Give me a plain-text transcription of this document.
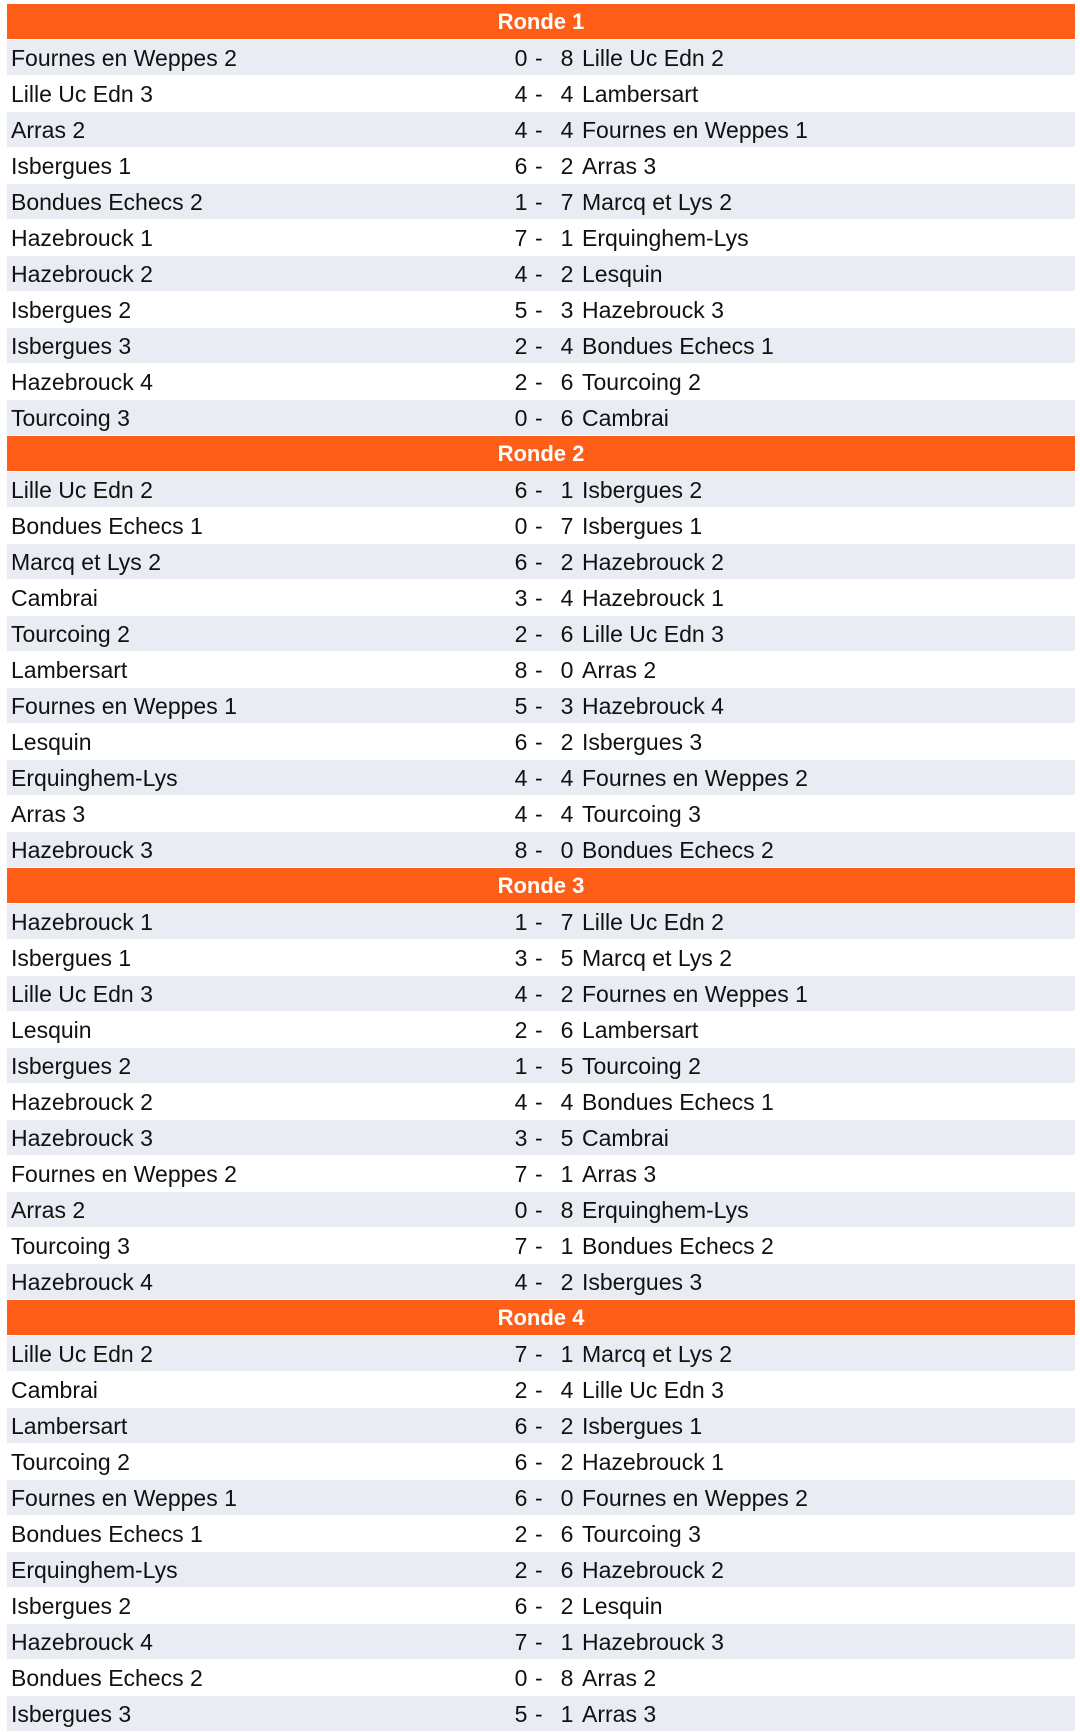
Ronde 1
Fournes en Weppes 2	0 - 8 Lille Uc Edn 2
Lille Uc Edn 3	4 - 4 Lambersart
Arras 2	4 - 4 Fournes en Weppes 1
Isbergues 1	6 - 2 Arras 3
Bondues Echecs 2	1 - 7 Marcq et Lys 2
Hazebrouck 1	7 - 1 Erquinghem-Lys
Hazebrouck 2	4 - 2 Lesquin
Isbergues 2	5 - 3 Hazebrouck 3
Isbergues 3	2 - 4 Bondues Echecs 1
Hazebrouck 4	2 - 6 Tourcoing 2
Tourcoing 3	0 - 6 Cambrai
Ronde 2
Lille Uc Edn 2	6 - 1 Isbergues 2
Bondues Echecs 1	0 - 7 Isbergues 1
Marcq et Lys 2	6 - 2 Hazebrouck 2
Cambrai	3 - 4 Hazebrouck 1
Tourcoing 2	2 - 6 Lille Uc Edn 3
Lambersart	8 - 0 Arras 2
Fournes en Weppes 1	5 - 3 Hazebrouck 4
Lesquin	6 - 2 Isbergues 3
Erquinghem-Lys	4 - 4 Fournes en Weppes 2
Arras 3	4 - 4 Tourcoing 3
Hazebrouck 3	8 - 0 Bondues Echecs 2
Ronde 3
Hazebrouck 1	1 - 7 Lille Uc Edn 2
Isbergues 1	3 - 5 Marcq et Lys 2
Lille Uc Edn 3	4 - 2 Fournes en Weppes 1
Lesquin	2 - 6 Lambersart
Isbergues 2	1 - 5 Tourcoing 2
Hazebrouck 2	4 - 4 Bondues Echecs 1
Hazebrouck 3	3 - 5 Cambrai
Fournes en Weppes 2	7 - 1 Arras 3
Arras 2	0 - 8 Erquinghem-Lys
Tourcoing 3	7 - 1 Bondues Echecs 2
Hazebrouck 4	4 - 2 Isbergues 3
Ronde 4
Lille Uc Edn 2	7 - 1 Marcq et Lys 2
Cambrai	2 - 4 Lille Uc Edn 3
Lambersart	6 - 2 Isbergues 1
Tourcoing 2	6 - 2 Hazebrouck 1
Fournes en Weppes 1	6 - 0 Fournes en Weppes 2
Bondues Echecs 1	2 - 6 Tourcoing 3
Erquinghem-Lys	2 - 6 Hazebrouck 2
Isbergues 2	6 - 2 Lesquin
Hazebrouck 4	7 - 1 Hazebrouck 3
Bondues Echecs 2	0 - 8 Arras 2
Isbergues 3	5 - 1 Arras 3
